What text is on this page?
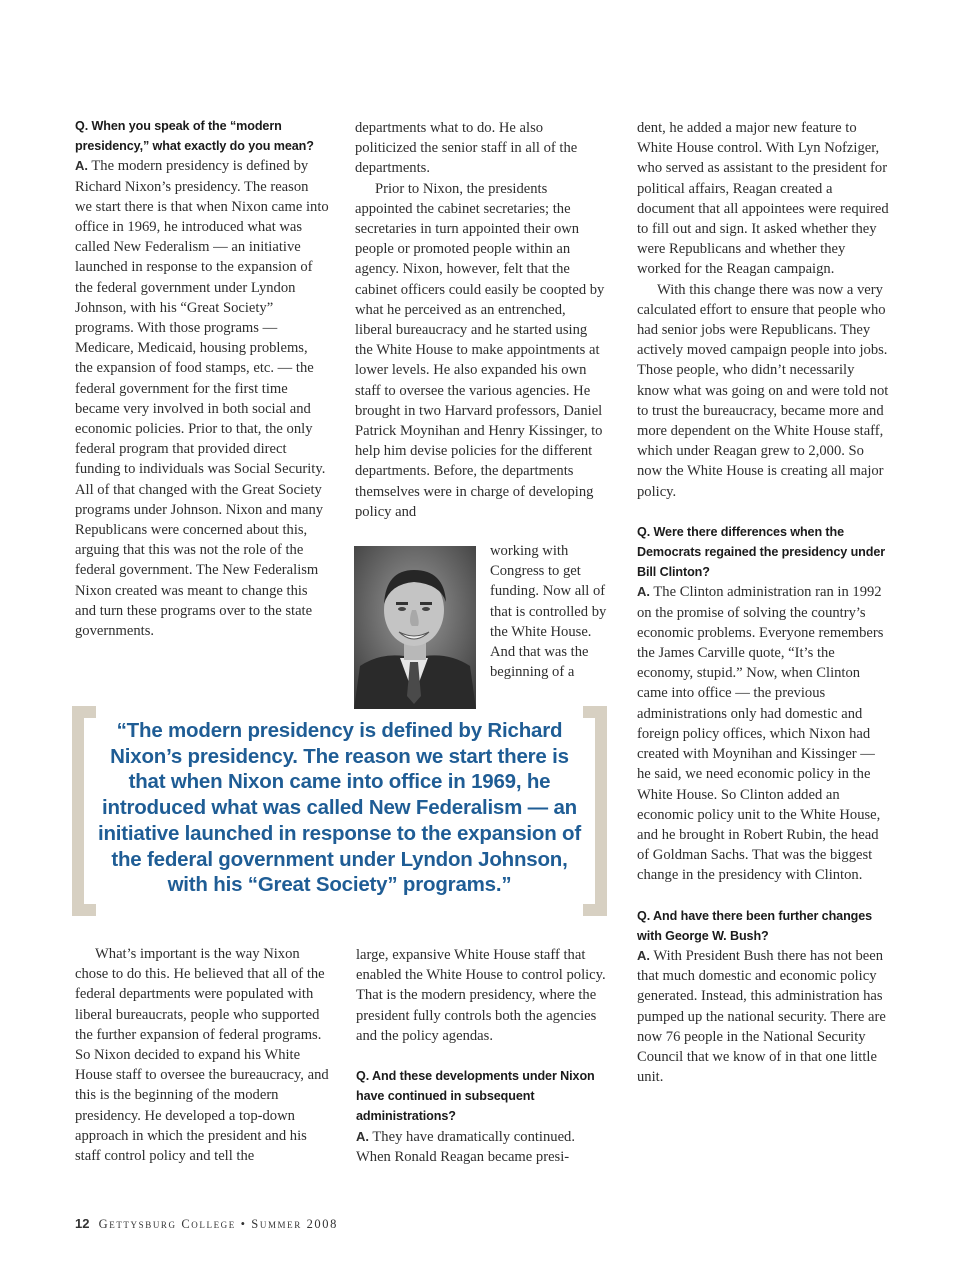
Q. When you speak of the “modern presidency,” what exactly do you mean?

A. The modern presidency is defined by Richard Nixon’s presidency. The reason we start there is that when Nixon came into office in 1969, he introduced what was called New Federalism — an initiative launched in response to the expansion of the federal government under Lyndon Johnson, with his “Great Society” programs. With those programs — Medicare, Medicaid, housing problems, the expansion of food stamps, etc. — the federal government for the first time became very involved in both social and economic policies. Prior to that, the only federal program that provided direct funding to individuals was Social Security. All of that changed with the Great Society programs under Johnson. Nixon and many Republicans were concerned about this, arguing that this was not the role of the federal government. The New Federalism Nixon created was meant to change this and turn these programs over to the state governments.

departments what to do. He also politicized the senior staff in all of the departments.

Prior to Nixon, the presidents appointed the cabinet secretaries; the secretaries in turn appointed their own people or promoted people within an agency. Nixon, however, felt that the cabinet officers could easily be coopted by what he perceived as an entrenched, liberal bureaucracy and he started using the White House to make appointments at lower levels. He also expanded his own staff to oversee the various agencies. He brought in two Harvard professors, Daniel Patrick Moynihan and Henry Kissinger, to help him devise policies for the different departments. Before, the departments themselves were in charge of developing policy and

working with Congress to get funding. Now all of that is controlled by the White House. And that was the beginning of a

“The modern presidency is defined by Richard Nixon’s presidency. The reason we start there is that when Nixon came into office in 1969, he introduced what was called New Federalism — an initiative launched in response to the expansion of the federal government under Lyndon Johnson, with his “Great Society” programs.”

What’s important is the way Nixon chose to do this. He believed that all of the federal departments were populated with liberal bureaucrats, people who supported the further expansion of federal programs. So Nixon decided to expand his White House staff to oversee the bureaucracy, and this is the beginning of the modern presidency. He developed a top-down approach in which the president and his staff control policy and tell the

large, expansive White House staff that enabled the White House to control policy. That is the modern presidency, where the president fully controls both the agencies and the policy agendas.

Q. And these developments under Nixon have continued in subsequent administrations?

A. They have dramatically continued. When Ronald Reagan became presi-

dent, he added a major new feature to White House control. With Lyn Nofziger, who served as assistant to the president for political affairs, Reagan created a document that all appointees were required to fill out and sign. It asked whether they were Republicans and whether they worked for the Reagan campaign.

With this change there was now a very calculated effort to ensure that people who had senior jobs were Republicans. They actively moved campaign people into jobs. Those people, who didn’t necessarily know what was going on and were told not to trust the bureaucracy, became more and more dependent on the White House staff, which under Reagan grew to 2,000. So now the White House is creating all major policy.

Q. Were there differences when the Democrats regained the presidency under Bill Clinton?

A. The Clinton administration ran in 1992 on the promise of solving the country’s economic problems. Everyone remembers the James Carville quote, “It’s the economy, stupid.” Now, when Clinton came into office — the previous administrations only had domestic and foreign policy offices, which Nixon had created with Moynihan and Kissinger — he said, we need economic policy in the White House. So Clinton added an economic policy unit to the White House, and he brought in Robert Rubin, the head of Goldman Sachs. That was the biggest change in the presidency with Clinton.

Q. And have there been further changes with George W. Bush?

A. With President Bush there has not been that much domestic and economic policy generated. Instead, this administration has pumped up the national security. There are now 76 people in the National Security Council that we know of in that one little unit.

12 Gettysburg College • Summer 2008
